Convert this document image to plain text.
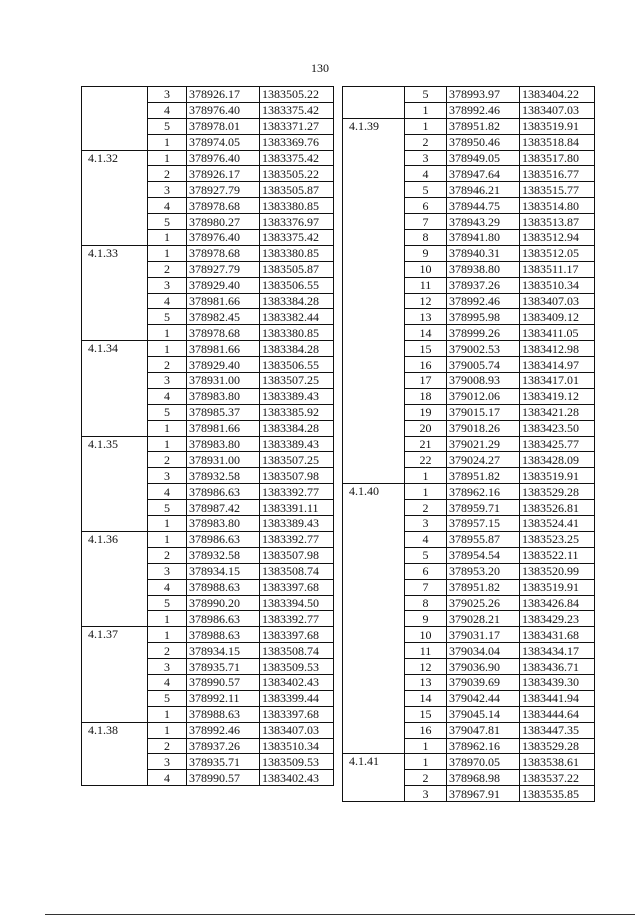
130
	3	378926.17	1383505.22
	4	378976.40	1383375.42
	5	378978.01	1383371.27
	1	378974.05	1383369.76
4.1.32	1	378976.40	1383375.42
	2	378926.17	1383505.22
	3	378927.79	1383505.87
	4	378978.68	1383380.85
	5	378980.27	1383376.97
	1	378976.40	1383375.42
4.1.33	1	378978.68	1383380.85
	2	378927.79	1383505.87
	3	378929.40	1383506.55
	4	378981.66	1383384.28
	5	378982.45	1383382.44
	1	378978.68	1383380.85
4.1.34	1	378981.66	1383384.28
	2	378929.40	1383506.55
	3	378931.00	1383507.25
	4	378983.80	1383389.43
	5	378985.37	1383385.92
	1	378981.66	1383384.28
4.1.35	1	378983.80	1383389.43
	2	378931.00	1383507.25
	3	378932.58	1383507.98
	4	378986.63	1383392.77
	5	378987.42	1383391.11
	1	378983.80	1383389.43
4.1.36	1	378986.63	1383392.77
	2	378932.58	1383507.98
	3	378934.15	1383508.74
	4	378988.63	1383397.68
	5	378990.20	1383394.50
	1	378986.63	1383392.77
4.1.37	1	378988.63	1383397.68
	2	378934.15	1383508.74
	3	378935.71	1383509.53
	4	378990.57	1383402.43
	5	378992.11	1383399.44
	1	378988.63	1383397.68
4.1.38	1	378992.46	1383407.03
	2	378937.26	1383510.34
	3	378935.71	1383509.53
	4	378990.57	1383402.43
	5	378993.97	1383404.22
	1	378992.46	1383407.03
4.1.39	1	378951.82	1383519.91
	2	378950.46	1383518.84
	3	378949.05	1383517.80
	4	378947.64	1383516.77
	5	378946.21	1383515.77
	6	378944.75	1383514.80
	7	378943.29	1383513.87
	8	378941.80	1383512.94
	9	378940.31	1383512.05
	10	378938.80	1383511.17
	11	378937.26	1383510.34
	12	378992.46	1383407.03
	13	378995.98	1383409.12
	14	378999.26	1383411.05
	15	379002.53	1383412.98
	16	379005.74	1383414.97
	17	379008.93	1383417.01
	18	379012.06	1383419.12
	19	379015.17	1383421.28
	20	379018.26	1383423.50
	21	379021.29	1383425.77
	22	379024.27	1383428.09
	1	378951.82	1383519.91
4.1.40	1	378962.16	1383529.28
	2	378959.71	1383526.81
	3	378957.15	1383524.41
	4	378955.87	1383523.25
	5	378954.54	1383522.11
	6	378953.20	1383520.99
	7	378951.82	1383519.91
	8	379025.26	1383426.84
	9	379028.21	1383429.23
	10	379031.17	1383431.68
	11	379034.04	1383434.17
	12	379036.90	1383436.71
	13	379039.69	1383439.30
	14	379042.44	1383441.94
	15	379045.14	1383444.64
	16	379047.81	1383447.35
	1	378962.16	1383529.28
4.1.41	1	378970.05	1383538.61
	2	378968.98	1383537.22
	3	378967.91	1383535.85
